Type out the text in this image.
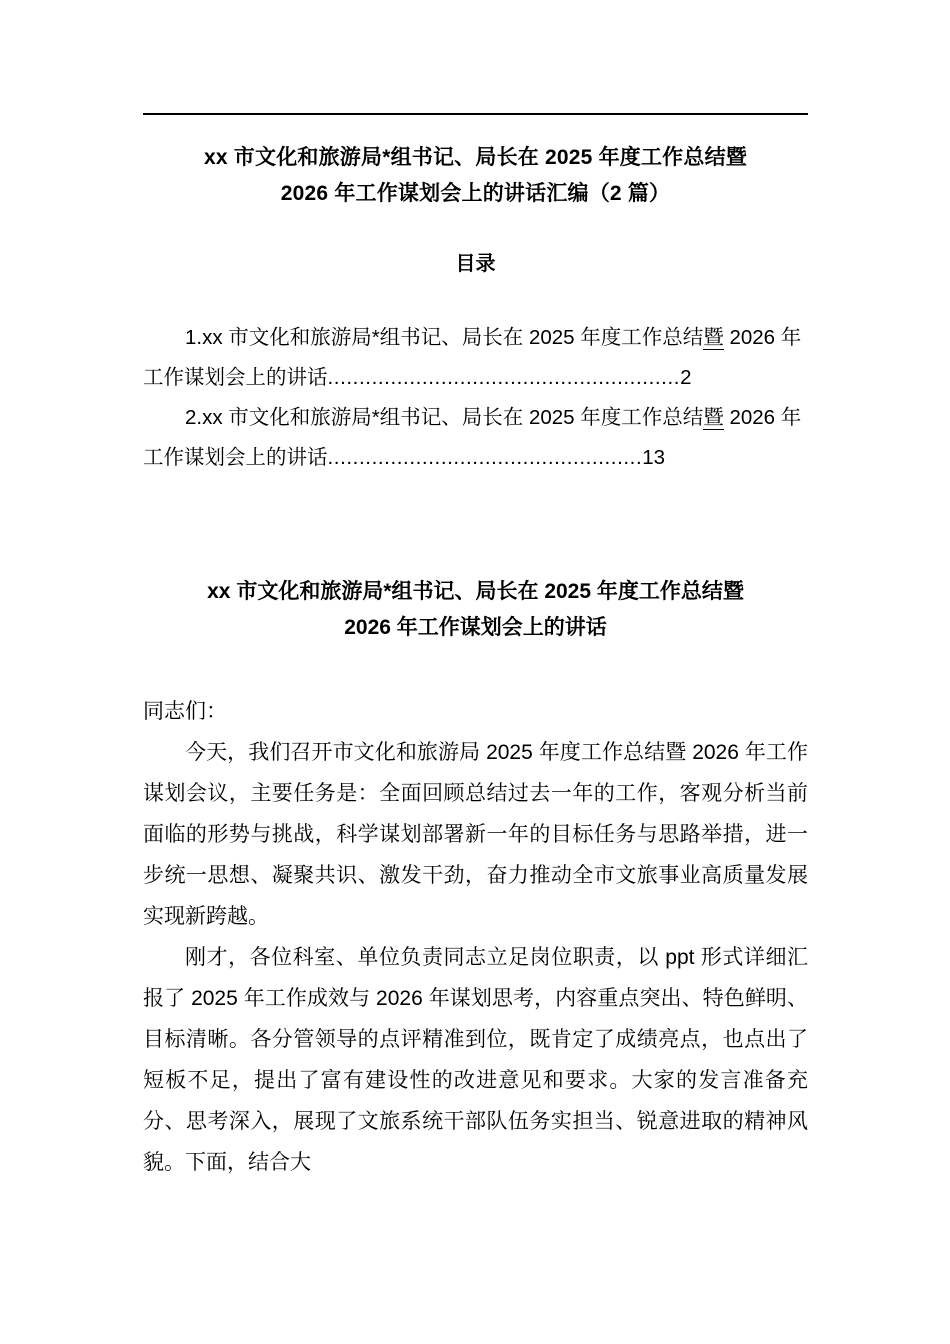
xx 市文化和旅游局*组书记、局长在 2025 年度工作总结暨
2026 年工作谋划会上的讲话汇编（2 篇）
目录
1.xx 市文化和旅游局*组书记、局长在 2025 年度工作总结暨 2026 年工作谋划会上的讲话........................................................2
2.xx 市文化和旅游局*组书记、局长在 2025 年度工作总结暨 2026 年工作谋划会上的讲话..................................................13
xx 市文化和旅游局*组书记、局长在 2025 年度工作总结暨
2026 年工作谋划会上的讲话

同志们：

今天，我们召开市文化和旅游局 2025 年度工作总结暨 2026 年工作谋划会议，主要任务是：全面回顾总结过去一年的工作，客观分析当前面临的形势与挑战，科学谋划部署新一年的目标任务与思路举措，进一步统一思想、凝聚共识、激发干劲，奋力推动全市文旅事业高质量发展实现新跨越。

刚才，各位科室、单位负责同志立足岗位职责，以 ppt 形式详细汇报了 2025 年工作成效与 2026 年谋划思考，内容重点突出、特色鲜明、目标清晰。各分管领导的点评精准到位，既肯定了成绩亮点，也点出了短板不足，提出了富有建设性的改进意见和要求。大家的发言准备充分、思考深入，展现了文旅系统干部队伍务实担当、锐意进取的精神风貌。下面，结合大
